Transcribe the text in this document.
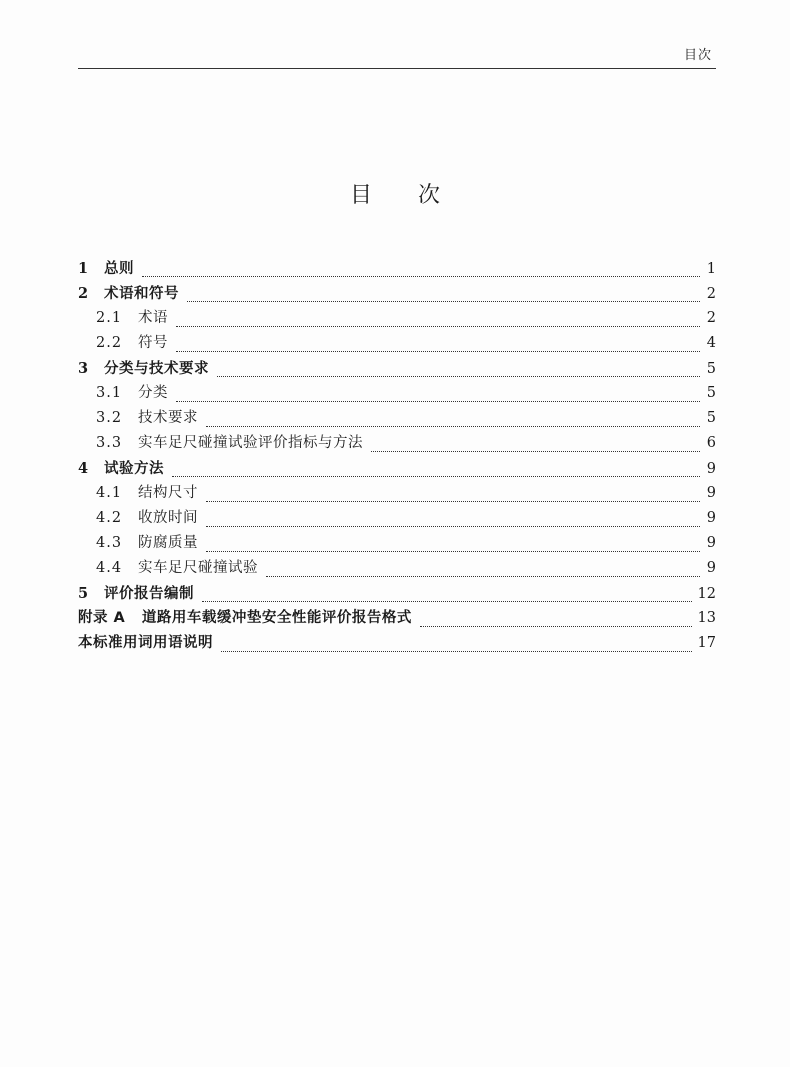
目次
目 次
1	总则	1
2	术语和符号	2
2.1	术语	2
2.2	符号	4
3	分类与技术要求	5
3.1	分类	5
3.2	技术要求	5
3.3	实车足尺碰撞试验评价指标与方法	6
4	试验方法	9
4.1	结构尺寸	9
4.2	收放时间	9
4.3	防腐质量	9
4.4	实车足尺碰撞试验	9
5	评价报告编制	12
附录 A   道路用车载缓冲垫安全性能评价报告格式	13
本标准用词用语说明	17
